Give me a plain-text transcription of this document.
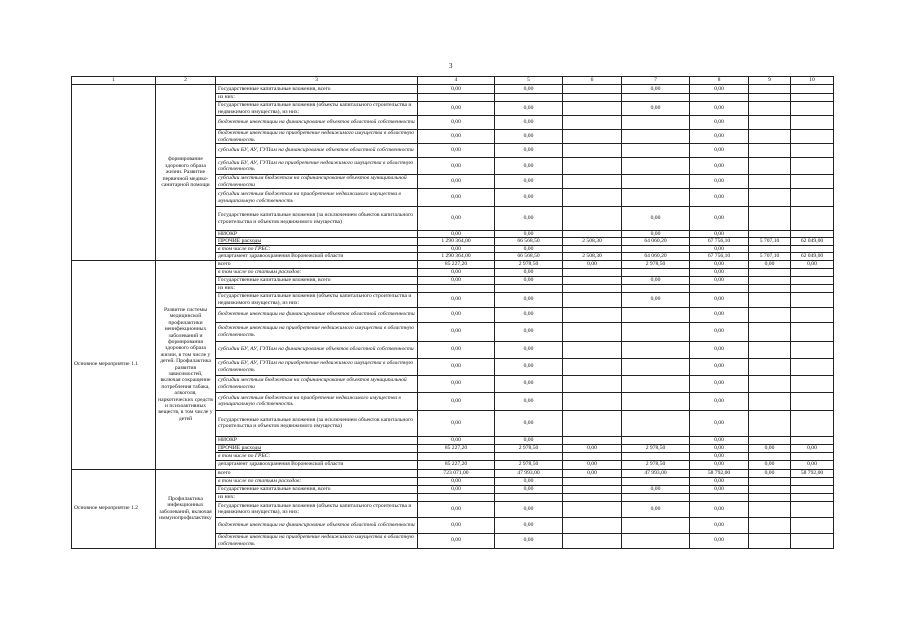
3
1	2	3	4	5	6	7	8	9	10
	формирование здорового образа жизни. Развитие первичной медико-санитарной помощи	Государственные капитальные вложения, всего	0,00	0,00		0,00	0,00		
		из них:							
		Государственные капитальные вложения (объекты капитального строительства и недвижимого имущества), из них:	0,00	0,00		0,00	0,00		
		бюджетные инвестиции на финансирование объектов областной собственности	0,00	0,00			0,00		
		бюджетные инвестиции на приобретение недвижимого имущества в областную собственность	0,00	0,00			0,00		
		субсидии БУ, АУ, ГУПам на финансирование объектов областной собственности	0,00	0,00			0,00		
		субсидии БУ, АУ, ГУПам на приобретение недвижимого имущества в областную собственность	0,00	0,00			0,00		
		субсидии местным бюджетам на софинансирование объектов муниципальной собственности	0,00	0,00			0,00		
		субсидии местным бюджетам на приобретение недвижимого имущества в муниципальную собственность	0,00	0,00			0,00		
		Государственные капитальные вложения (за исключением объектов капитального строительства и объектов недвижимого имущества)	0,00	0,00		0,00	0,00		
		НИОКР	0,00	0,00		0,00	0,00		
		ПРОЧИЕ расходы	1 290 364,00	66 568,50	2 508,30	64 060,20	67 756,10	5 707,10	62 049,00
		в том числе по ГРБС:	0,00	0,00			0,00		
		департамент здравоохранения Воронежской области	1 290 364,00	66 568,50	2 508,30	64 060,20	67 756,10	5 707,10	62 049,00
Основное мероприятие 1.1	Развитие системы медицинской профилактики неинфекционных заболеваний и формирования здорового образа жизни, в том числе у детей. Профилактика развития зависимостей, включая сокращение потребления табака, алкоголя, наркотических средств и психоактивных веществ, в том числе у детей	всего	85 227,20	2 978,50	0,00	2 978,50	0,00	0,00	0,00
		в том числе по статьям расходов:	0,00	0,00			0,00		
		Государственные капитальные вложения, всего	0,00	0,00		0,00	0,00		
		из них:							
		Государственные капитальные вложения (объекты капитального строительства и недвижимого имущества), из них:	0,00	0,00		0,00	0,00		
		бюджетные инвестиции на финансирование объектов областной собственности	0,00	0,00			0,00		
		бюджетные инвестиции на приобретение недвижимого имущества в областную собственность	0,00	0,00			0,00		
		субсидии БУ, АУ, ГУПам на финансирование объектов областной собственности	0,00	0,00			0,00		
		субсидии БУ, АУ, ГУПам на приобретение недвижимого имущества в областную собственность	0,00	0,00			0,00		
		субсидии местным бюджетам на софинансирование объектов муниципальной собственности	0,00	0,00			0,00		
		субсидии местным бюджетам на приобретение недвижимого имущества в муниципальную собственность	0,00	0,00			0,00		
		Государственные капитальные вложения (за исключением объектов капитального строительства и объектов недвижимого имущества)	0,00	0,00			0,00		
		НИОКР	0,00	0,00			0,00		
		ПРОЧИЕ расходы	85 227,20	2 978,50	0,00	2 978,50	0,00	0,00	0,00
		в том числе по ГРБС:					0,00		
		департамент здравоохранения Воронежской области	85 227,20	2 978,50	0,00	2 978,50	0,00	0,00	0,00
Основное мероприятие 1.2	Профилактика инфекционных заболеваний, включая иммунопрофилактику	всего	723 071,00	47 993,00	0,00	47 993,00	58 792,00	0,00	58 792,00
		в том числе по статьям расходов:	0,00	0,00			0,00		
		Государственные капитальные вложения, всего	0,00	0,00		0,00	0,00		
		из них:							
		Государственные капитальные вложения (объекты капитального строительства и недвижимого имущества), из них:	0,00	0,00		0,00	0,00		
		бюджетные инвестиции на финансирование объектов областной собственности	0,00	0,00			0,00		
		бюджетные инвестиции на приобретение недвижимого имущества в областную собственность	0,00	0,00			0,00		
